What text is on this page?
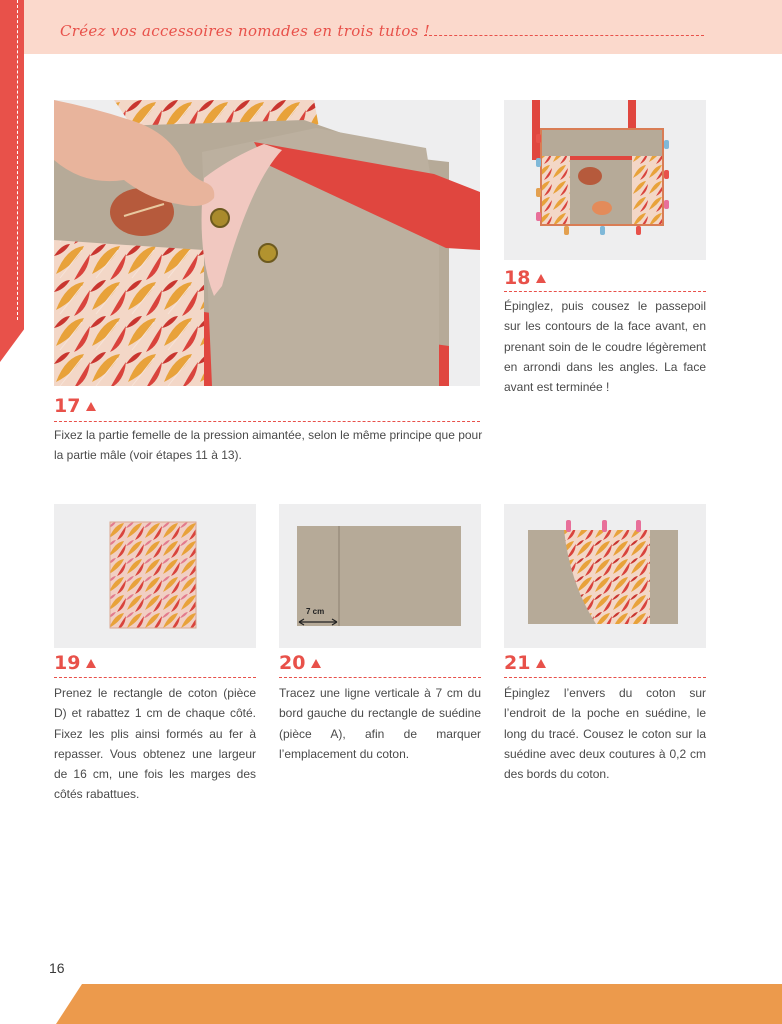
Créez vos accessoires nomades en trois tutos !
17
Fixez la partie femelle de la pression aimantée, selon le même principe que pour la partie mâle (voir étapes 11 à 13).
18
Épinglez, puis cousez le passepoil sur les contours de la face avant, en prenant soin de le coudre légèrement en arrondi dans les angles. La face avant est terminée !
19
Prenez le rectangle de coton (pièce D) et rabattez 1 cm de chaque côté. Fixez les plis ainsi formés au fer à repasser. Vous obtenez une largeur de 16 cm, une fois les marges des côtés rabattues.
7 cm
20
Tracez une ligne verticale à 7 cm du bord gauche du rectangle de suédine (pièce A), afin de marquer l’emplacement du coton.
21
Épinglez l’envers du coton sur l’endroit de la poche en suédine, le long du tracé. Cousez le coton sur la suédine avec deux coutures à 0,2 cm des bords du coton.
16
